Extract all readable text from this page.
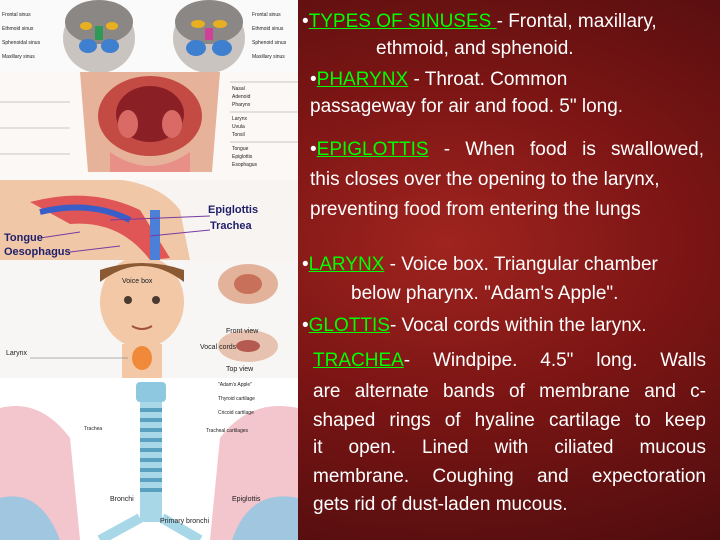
Frontal sinus
Ethmoid sinus
Sphenoidal sinus
Maxillary sinus
Frontal sinus
Ethmoid sinus
Sphenoid sinus
Maxillary sinus
Nasal
Adenoid
Pharynx
Larynx
Uvula
Tonsil
Tongue
Epiglottis
Esophagus
Epiglottis
Trachea
Tongue
Oesophagus
Voice box
Larynx
Front view
Vocal cords
Top view
"Adam's Apple"
Thyroid cartilage
Cricoid cartilage
Trachea	Tracheal cartilages
Bronchi
Primary bronchi
Epiglottis
•TYPES OF SINUSES - Frontal, maxillary,
ethmoid, and sphenoid.
•PHARYNX - Throat. Common
passageway for air and food. 5" long.
•EPIGLOTTIS - When food is swallowed,
this closes over the opening to the larynx,
preventing food from entering the lungs
•LARYNX - Voice box. Triangular chamber
below pharynx. "Adam's Apple".
•GLOTTIS- Vocal cords within the larynx.
TRACHEA- Windpipe. 4.5" long. Walls
are alternate bands of membrane and c-
shaped rings of hyaline cartilage to keep
it open. Lined with ciliated mucous
membrane. Coughing and expectoration
gets rid of dust-laden mucous.
